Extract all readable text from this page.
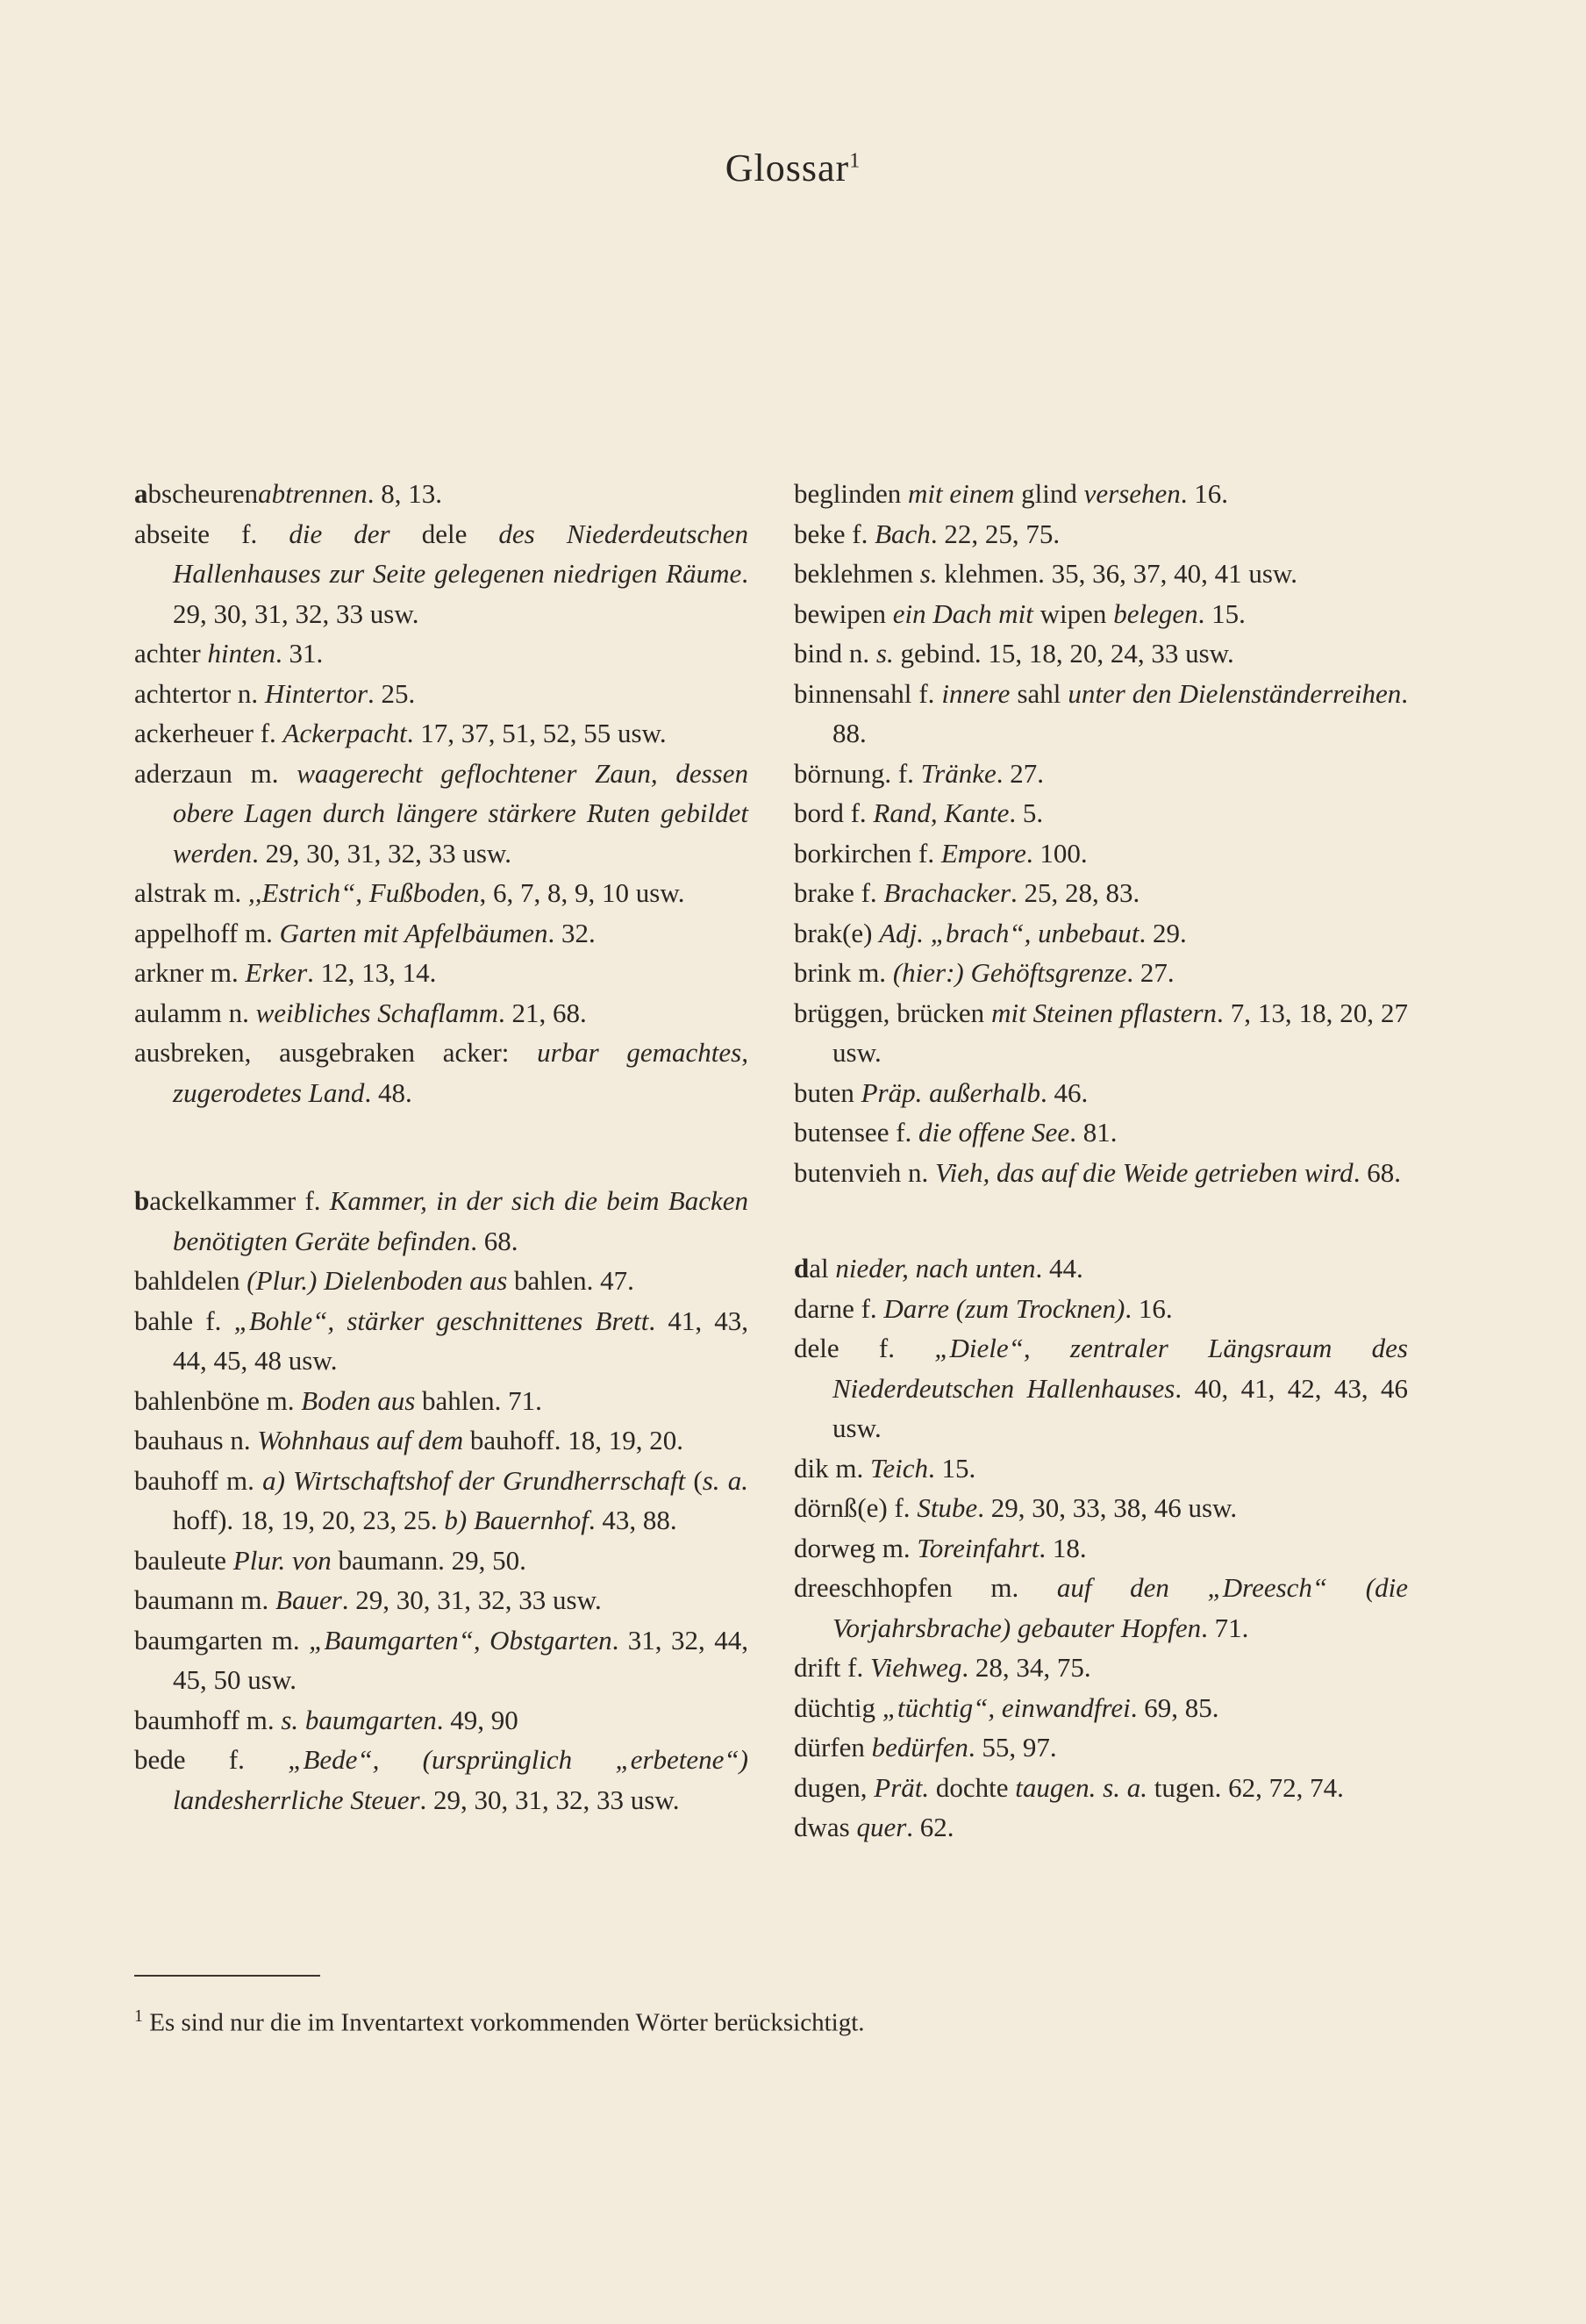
Glossar$^1$

abscheurenabtrennen. 8, 13.

abseite f. die der dele des Niederdeutschen Hallenhauses zur Seite gelegenen niedrigen Räume. 29, 30, 31, 32, 33 usw.

achter hinten. 31.

achtertor n. Hintertor. 25.

ackerheuer f. Ackerpacht. 17, 37, 51, 52, 55 usw.

aderzaun m. waagerecht geflochtener Zaun, dessen obere Lagen durch längere stärkere Ruten gebildet werden. 29, 30, 31, 32, 33 usw.

alstrak m. ,,Estrich“, Fußboden, 6, 7, 8, 9, 10 usw.

appelhoff m. Garten mit Apfelbäumen. 32.

arkner m. Erker. 12, 13, 14.

aulamm n. weibliches Schaflamm. 21, 68.

ausbreken, ausgebraken acker: urbar gemachtes, zugerodetes Land. 48.

backelkammer f. Kammer, in der sich die beim Backen benötigten Geräte befinden. 68.

bahldelen (Plur.) Dielenboden aus bahlen. 47.

bahle f. „Bohle“, stärker geschnittenes Brett. 41, 43, 44, 45, 48 usw.

bahlenböne m. Boden aus bahlen. 71.

bauhaus n. Wohnhaus auf dem bauhoff. 18, 19, 20.

bauhoff m. a) Wirtschaftshof der Grundherrschaft (s. a. hoff). 18, 19, 20, 23, 25. b) Bauernhof. 43, 88.

bauleute Plur. von baumann. 29, 50.

baumann m. Bauer. 29, 30, 31, 32, 33 usw.

baumgarten m. „Baumgarten“, Obstgarten. 31, 32, 44, 45, 50 usw.

baumhoff m. s. baumgarten. 49, 90

bede f. „Bede“, (ursprünglich „erbetene“) landesherrliche Steuer. 29, 30, 31, 32, 33 usw.

beglinden mit einem glind versehen. 16.

beke f. Bach. 22, 25, 75.

beklehmen s. klehmen. 35, 36, 37, 40, 41 usw.

bewipen ein Dach mit wipen belegen. 15.

bind n. s. gebind. 15, 18, 20, 24, 33 usw.

binnensahl f. innere sahl unter den Dielenständerreihen. 88.

börnung. f. Tränke. 27.

bord f. Rand, Kante. 5.

borkirchen f. Empore. 100.

brake f. Brachacker. 25, 28, 83.

brak(e) Adj. „brach“, unbebaut. 29.

brink m. (hier:) Gehöftsgrenze. 27.

brüggen, brücken mit Steinen pflastern. 7, 13, 18, 20, 27 usw.

buten Präp. außerhalb. 46.

butensee f. die offene See. 81.

butenvieh n. Vieh, das auf die Weide getrieben wird. 68.

dal nieder, nach unten. 44.

darne f. Darre (zum Trocknen). 16.

dele f. „Diele“, zentraler Längsraum des Niederdeutschen Hallenhauses. 40, 41, 42, 43, 46 usw.

dik m. Teich. 15.

dörnß(e) f. Stube. 29, 30, 33, 38, 46 usw.

dorweg m. Toreinfahrt. 18.

dreeschhopfen m. auf den „Dreesch“ (die Vorjahrsbrache) gebauter Hopfen. 71.

drift f. Viehweg. 28, 34, 75.

düchtig „tüchtig“, einwandfrei. 69, 85.

dürfen bedürfen. 55, 97.

dugen, Prät. dochte taugen. s. a. tugen. 62, 72, 74.

dwas quer. 62.

$^1$ Es sind nur die im Inventartext vorkommenden Wörter berücksichtigt.
